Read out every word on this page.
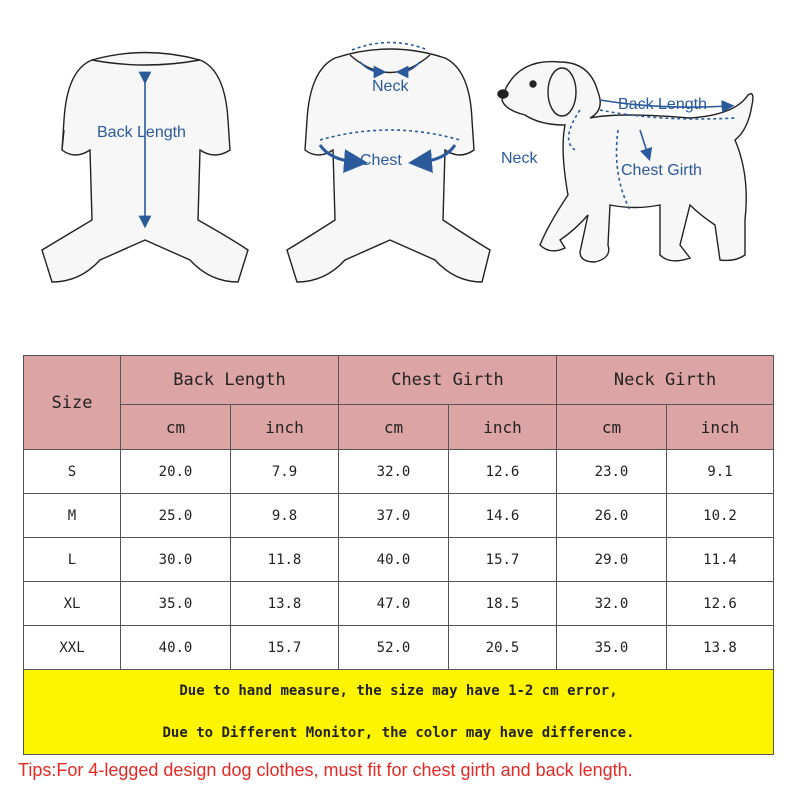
Back Length
Neck
Chest
Back Length
Neck
Chest Girth
Size	Back Length		Chest Girth		Neck Girth	
	cm	inch	cm	inch	cm	inch
S	20.0	7.9	32.0	12.6	23.0	9.1
M	25.0	9.8	37.0	14.6	26.0	10.2
L	30.0	11.8	40.0	15.7	29.0	11.4
XL	35.0	13.8	47.0	18.5	32.0	12.6
XXL	40.0	15.7	52.0	20.5	35.0	13.8

Due to hand measure, the size may have 1-2 cm error,
Due to Different Monitor, the color may have difference.						
Tips:For 4-legged design dog clothes, must fit for chest girth and back length.
